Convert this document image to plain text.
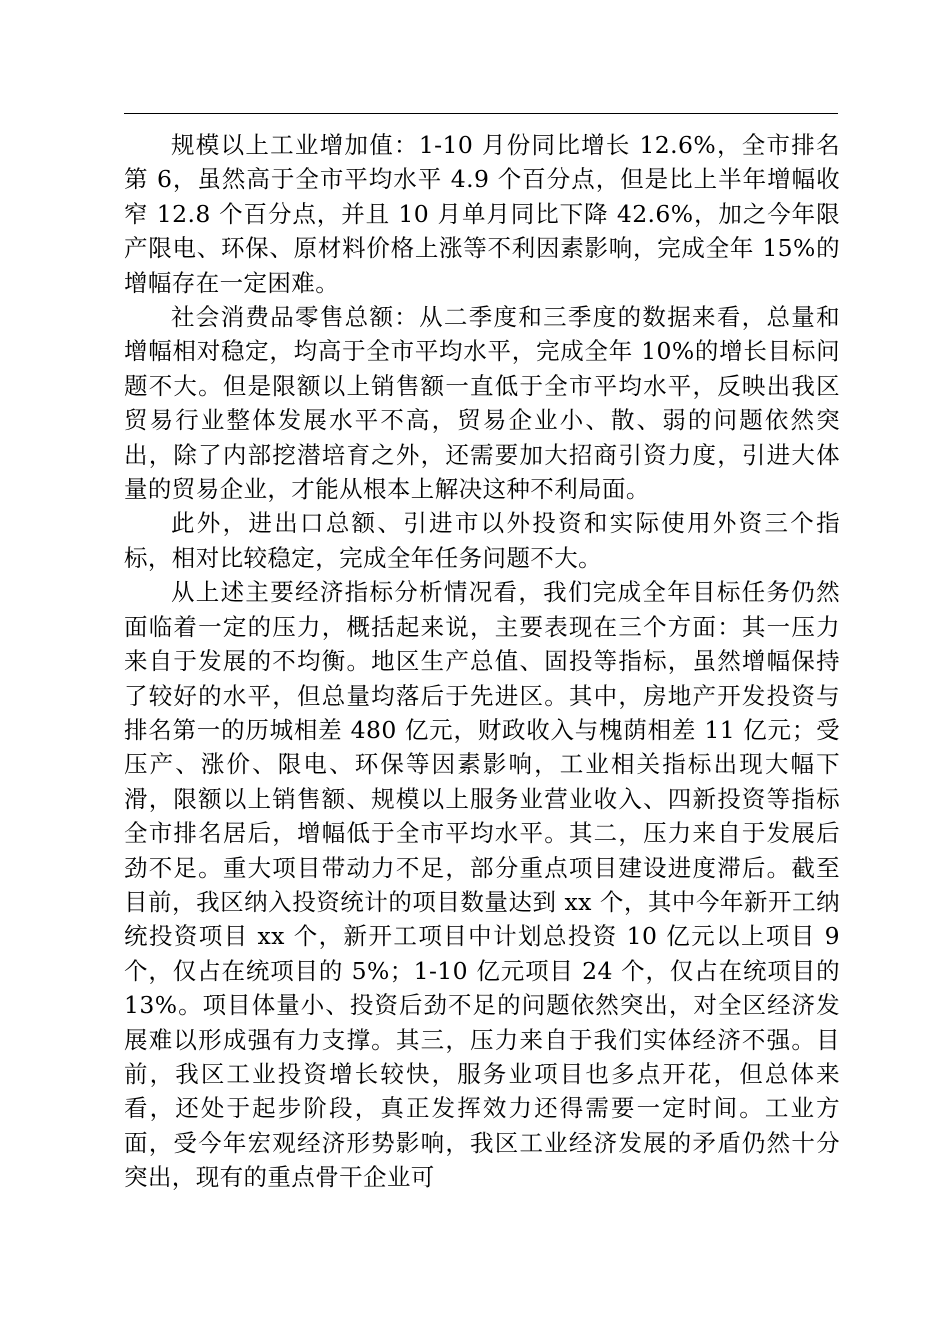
规模以上工业增加值：1-10 月份同比增长 12.6%，全市排名第 6，虽然高于全市平均水平 4.9 个百分点，但是比上半年增幅收窄 12.8 个百分点，并且 10 月单月同比下降 42.6%，加之今年限产限电、环保、原材料价格上涨等不利因素影响，完成全年 15%的增幅存在一定困难。

社会消费品零售总额：从二季度和三季度的数据来看，总量和增幅相对稳定，均高于全市平均水平，完成全年 10%的增长目标问题不大。但是限额以上销售额一直低于全市平均水平，反映出我区贸易行业整体发展水平不高，贸易企业小、散、弱的问题依然突出，除了内部挖潜培育之外，还需要加大招商引资力度，引进大体量的贸易企业，才能从根本上解决这种不利局面。

此外，进出口总额、引进市以外投资和实际使用外资三个指标，相对比较稳定，完成全年任务问题不大。

从上述主要经济指标分析情况看，我们完成全年目标任务仍然面临着一定的压力，概括起来说，主要表现在三个方面：其一压力来自于发展的不均衡。地区生产总值、固投等指标，虽然增幅保持了较好的水平，但总量均落后于先进区。其中，房地产开发投资与排名第一的历城相差 480 亿元，财政收入与槐荫相差 11 亿元；受压产、涨价、限电、环保等因素影响，工业相关指标出现大幅下滑，限额以上销售额、规模以上服务业营业收入、四新投资等指标全市排名居后，增幅低于全市平均水平。其二，压力来自于发展后劲不足。重大项目带动力不足，部分重点项目建设进度滞后。截至目前，我区纳入投资统计的项目数量达到 xx 个，其中今年新开工纳统投资项目 xx 个，新开工项目中计划总投资 10 亿元以上项目 9 个，仅占在统项目的 5%；1-10 亿元项目 24 个，仅占在统项目的 13%。项目体量小、投资后劲不足的问题依然突出，对全区经济发展难以形成强有力支撑。其三，压力来自于我们实体经济不强。目前，我区工业投资增长较快，服务业项目也多点开花，但总体来看，还处于起步阶段，真正发挥效力还得需要一定时间。工业方面，受今年宏观经济形势影响，我区工业经济发展的矛盾仍然十分突出，现有的重点骨干企业可
